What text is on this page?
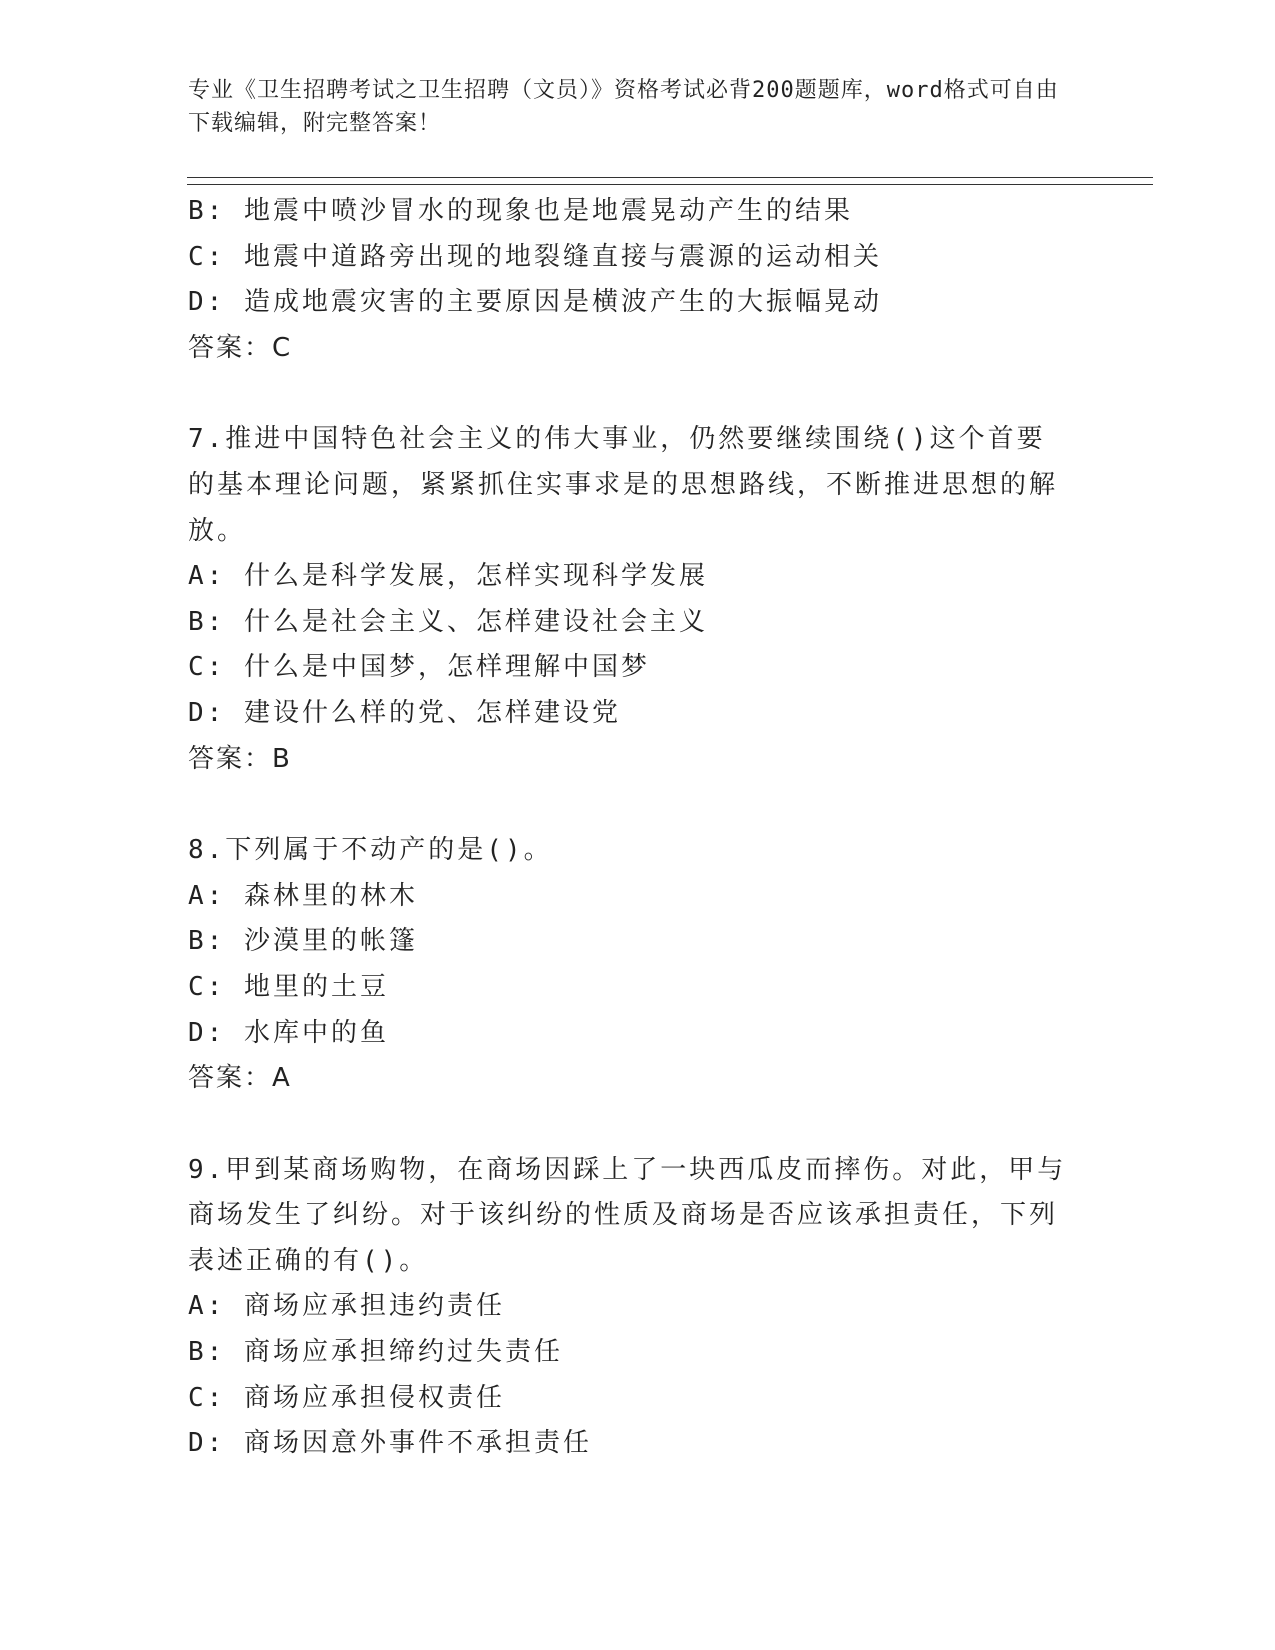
专业《卫生招聘考试之卫生招聘（文员）》资格考试必背200题题库，word格式可自由下载编辑，附完整答案！
B: 地震中喷沙冒水的现象也是地震晃动产生的结果
C: 地震中道路旁出现的地裂缝直接与震源的运动相关
D: 造成地震灾害的主要原因是横波产生的大振幅晃动
答案：C
7.推进中国特色社会主义的伟大事业，仍然要继续围绕()这个首要的基本理论问题，紧紧抓住实事求是的思想路线，不断推进思想的解放。
A: 什么是科学发展，怎样实现科学发展
B: 什么是社会主义、怎样建设社会主义
C: 什么是中国梦，怎样理解中国梦
D: 建设什么样的党、怎样建设党
答案：B
8.下列属于不动产的是()。
A: 森林里的林木
B: 沙漠里的帐篷
C: 地里的土豆
D: 水库中的鱼
答案：A
9.甲到某商场购物，在商场因踩上了一块西瓜皮而摔伤。对此，甲与商场发生了纠纷。对于该纠纷的性质及商场是否应该承担责任，下列表述正确的有()。
A: 商场应承担违约责任
B: 商场应承担缔约过失责任
C: 商场应承担侵权责任
D: 商场因意外事件不承担责任
